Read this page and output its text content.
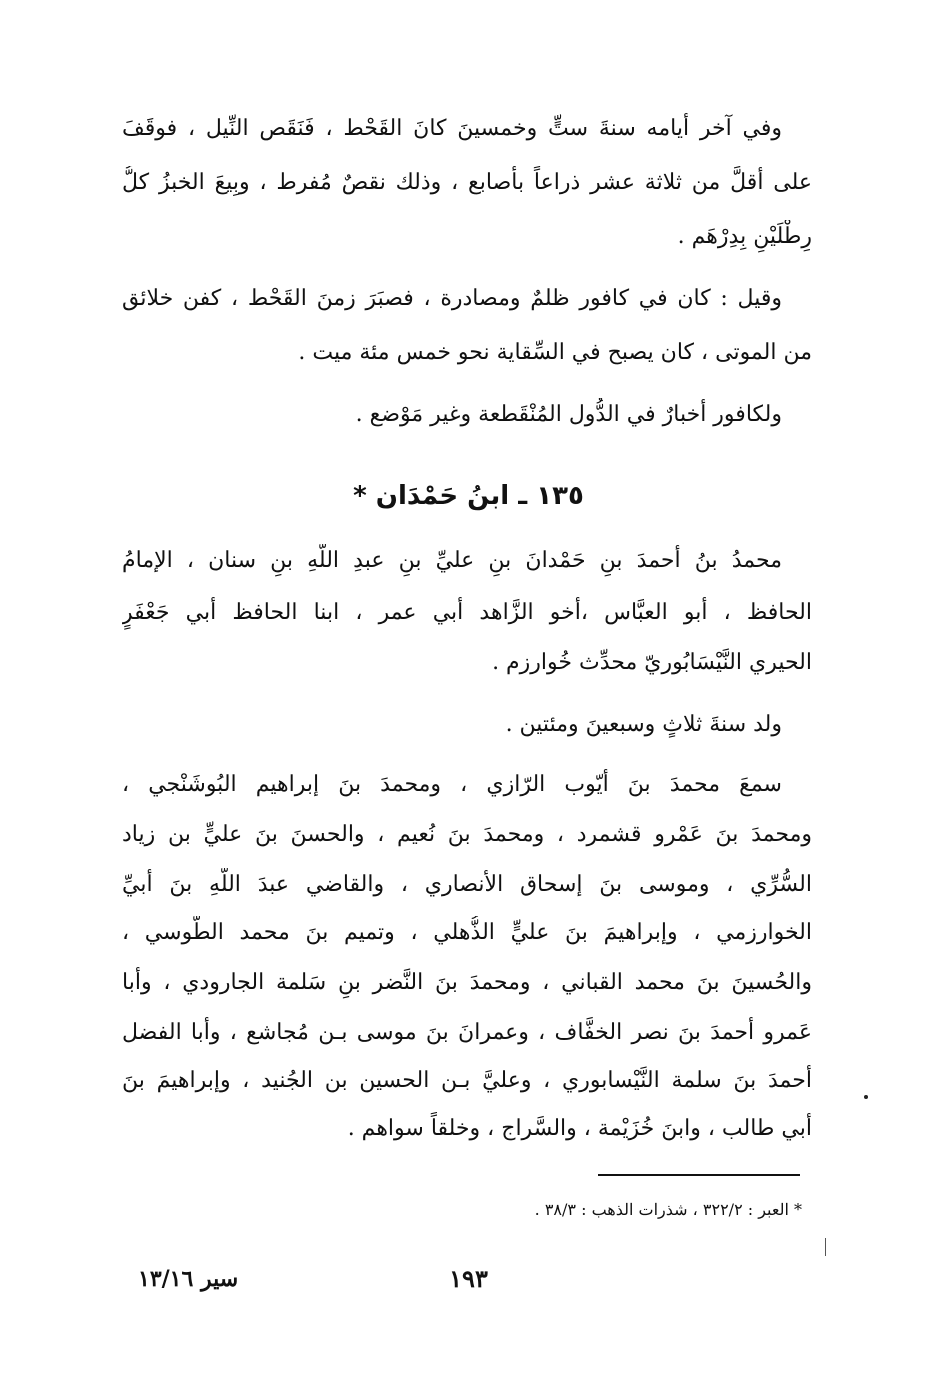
وفي آخر أيامه سنةَ ستٍّ وخمسينَ كانَ القَحْط ، فَنَقَص النِّيل ، فوقَفَ
على أقلَّ من ثلاثة عشر ذراعاً بأصابع ، وذلك نقصٌ مُفرط ، وبِيعَ الخبزُ كلُّ
رِطْلَيْنِ بِدِرْهَم .
وقيل : كان في كافور ظلمٌ ومصادرة ، فصبَرَ زمنَ القَحْط ، كفن خلائق
من الموتى ، كان يصبح في السِّقاية نحو خمس مئة ميت .
ولكافور أخبارٌ في الدُّول المُنْقَطعة وغير مَوْضع .
١٣٥ ـ ابنُ حَمْدَان *
محمدُ بنُ أحمدَ بنِ حَمْدانَ بنِ عليِّ بنِ عبدِ اللّهِ بنِ سنان ، الإمامُ
الحافظ ، أبو العبَّاس ،أخو الزَّاهد أبي عمر ، ابنا الحافظ أبي جَعْفَرٍ
الحيري النَّيْسَابُوريّ محدِّث خُوارزم .
ولد سنةَ ثلاثٍ وسبعينَ ومئتين .
سمعَ محمدَ بنَ أيّوب الرّازي ، ومحمدَ بنَ إبراهيم البُوشَنْجي ،
ومحمدَ بنَ عَمْرو قشمرد ، ومحمدَ بنَ نُعيم ، والحسنَ بنَ عليٍّ بن زياد
السُّرِّي ، وموسى بنَ إسحاق الأنصاري ، والقاضي عبدَ اللّهِ بنَ أبيِّ
الخوارزمي ، وإبراهيمَ بنَ عليٍّ الذُّهلي ، وتميم بنَ محمد الطُّوسي ،
والحُسينَ بنَ محمد القباني ، ومحمدَ بنَ النَّضر بنِ سَلمة الجارودي ، وأبا
عَمرو أحمدَ بنَ نصر الخفَّاف ، وعمرانَ بنَ موسى بـن مُجاشع ، وأبا الفضل
أحمدَ بنَ سلمة النَّيْسابوري ، وعليَّ بـن الحسين بن الجُنيد ، وإبراهيمَ بنَ
أبي طالب ، وابنَ خُزَيْمة ، والسَّراج ، وخلقاً سواهم .
* العبر : ٣٢٢/٢ ، شذرات الذهب : ٣٨/٣ .
١٩٣
سير ١٣/١٦
